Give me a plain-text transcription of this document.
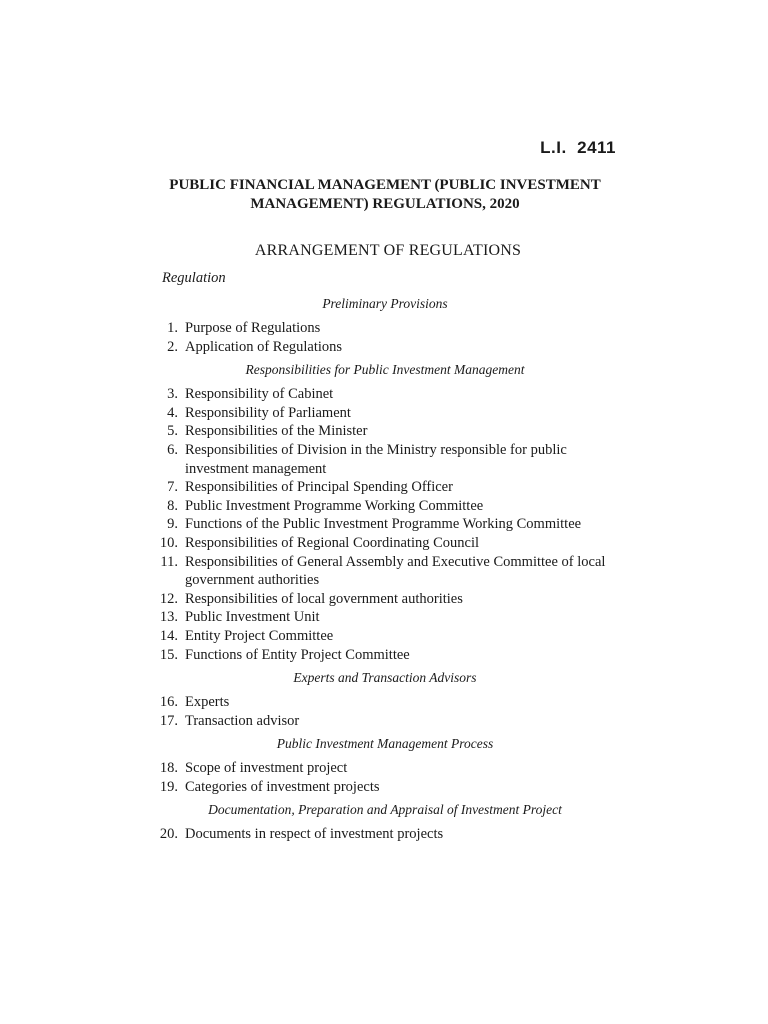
L.I.  2411
PUBLIC FINANCIAL MANAGEMENT (PUBLIC INVESTMENT
MANAGEMENT) REGULATIONS, 2020
ARRANGEMENT OF REGULATIONS
Regulation
Preliminary Provisions
1. Purpose of Regulations
2. Application of Regulations
Responsibilities for Public Investment Management
3. Responsibility of Cabinet
4. Responsibility of Parliament
5. Responsibilities of the Minister
6. Responsibilities of Division in the Ministry responsible for public investment management
7. Responsibilities of Principal Spending Officer
8. Public Investment Programme Working Committee
9. Functions of the Public Investment Programme Working Committee
10. Responsibilities of Regional Coordinating Council
11. Responsibilities of General Assembly and Executive Committee of local government authorities
12. Responsibilities of local government authorities
13. Public Investment Unit
14. Entity Project Committee
15. Functions of Entity Project Committee
Experts and Transaction Advisors
16. Experts
17. Transaction advisor
Public Investment Management Process
18. Scope of investment project
19. Categories of investment projects
Documentation, Preparation and Appraisal of Investment Project
20. Documents in respect of investment projects
